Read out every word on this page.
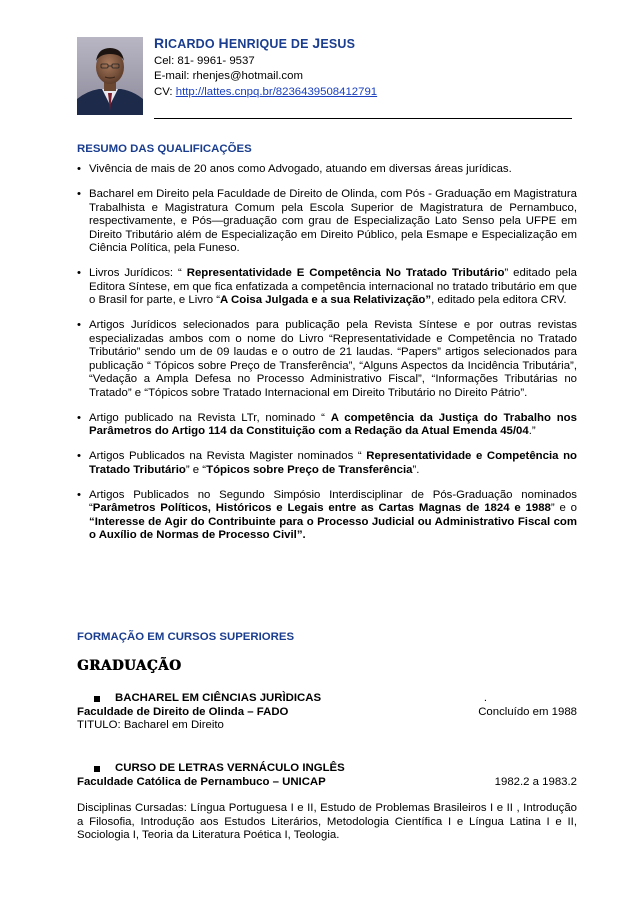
RICARDO HENRIQUE DE JESUS
Cel: 81- 9961- 9537
E-mail: rhenjes@hotmail.com
CV: http://lattes.cnpq.br/8236439508412791
RESUMO DAS QUALIFICAÇÕES
• Vivência de mais de 20 anos como Advogado, atuando em diversas áreas jurídicas.

• Bacharel em Direito pela Faculdade de Direito de Olinda, com Pós - Graduação em Magistratura Trabalhista e Magistratura Comum pela Escola Superior de Magistratura de Pernambuco, respectivamente, e Pós—graduação com grau de Especialização Lato Senso pela UFPE em Direito Tributário além de Especialização em Direito Público, pela Esmape e Especialização em Ciência Política, pela Funeso.

• Livros Jurídicos: “ Representatividade E Competência No Tratado Tributário” editado pela Editora Síntese, em que fica enfatizada a competência internacional no tratado tributário em que o Brasil for parte, e Livro “A Coisa Julgada e a sua Relativização”, editado pela editora CRV.

• Artigos Jurídicos selecionados para publicação pela Revista Síntese e por outras revistas especializadas ambos com o nome do Livro “Representatividade e Competência no Tratado Tributário” sendo um de 09 laudas e o outro de 21 laudas. “Papers” artigos selecionados para publicação “ Tópicos sobre Preço de Transferência”, “Alguns Aspectos da Incidência Tributária”, “Vedação a Ampla Defesa no Processo Administrativo Fiscal”, “Informações Tributárias no Tratado” e “Tópicos sobre Tratado Internacional em Direito Tributário no Direito Pátrio”.

• Artigo publicado na Revista LTr, nominado “ A competência da Justiça do Trabalho nos Parâmetros do Artigo 114 da Constituição com a Redação da Atual Emenda 45/04.”

• Artigos Publicados na Revista Magister nominados “ Representatividade e Competência no Tratado Tributário” e “Tópicos sobre Preço de Transferência”.

• Artigos Publicados no Segundo Simpósio Interdisciplinar de Pós-Graduação nominados “Parâmetros Políticos, Históricos e Legais entre as Cartas Magnas de 1824 e 1988” e o “Interesse de Agir do Contribuinte para o Processo Judicial ou Administrativo Fiscal com o Auxílio de Normas de Processo Civil”.

FORMAÇÃO EM CURSOS SUPERIORES
GRADUAÇÃO
BACHAREL EM CIÊNCIAS JURÌDICAS	.
Faculdade de Direito de Olinda – FADO	Concluído em 1988
TITULO: Bacharel em Direito
CURSO DE LETRAS VERNÁCULO INGLÊS
Faculdade Católica de Pernambuco – UNICAP	1982.2 a 1983.2
Disciplinas Cursadas: Língua Portuguesa I e II, Estudo de Problemas Brasileiros I e II , Introdução a Filosofia, Introdução aos Estudos Literários, Metodologia Científica I e Língua Latina I e II, Sociologia I, Teoria da Literatura Poética I, Teologia.
